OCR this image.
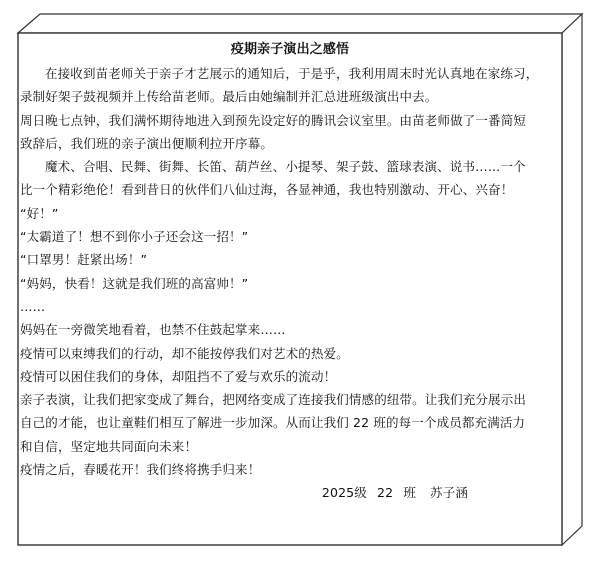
疫期亲子演出之感悟

在接收到苗老师关于亲子才艺展示的通知后，于是乎，我利用周末时光认真地在家练习，

录制好架子鼓视频并上传给苗老师。最后由她编制并汇总进班级演出中去。

周日晚七点钟，我们满怀期待地进入到预先设定好的腾讯会议室里。由苗老师做了一番简短

致辞后，我们班的亲子演出便顺利拉开序幕。

魔术、合唱、民舞、街舞、长笛、葫芦丝、小提琴、架子鼓、篮球表演、说书……一个

比一个精彩绝伦！看到昔日的伙伴们八仙过海，各显神通，我也特别激动、开心、兴奋！

“好！”

“太霸道了！想不到你小子还会这一招！”

“口罩男！赶紧出场！”

“妈妈，快看！这就是我们班的高富帅！”

……

妈妈在一旁微笑地看着，也禁不住鼓起掌来……

疫情可以束缚我们的行动，却不能按停我们对艺术的热爱。

疫情可以困住我们的身体，却阻挡不了爱与欢乐的流动！

亲子表演，让我们把家变成了舞台，把网络变成了连接我们情感的纽带。让我们充分展示出

自己的才能，也让童鞋们相互了解进一步加深。从而让我们 22 班的每一个成员都充满活力

和自信，坚定地共同面向未来！

疫情之后，春暖花开！我们终将携手归来！

2025级 22 班 苏子涵
